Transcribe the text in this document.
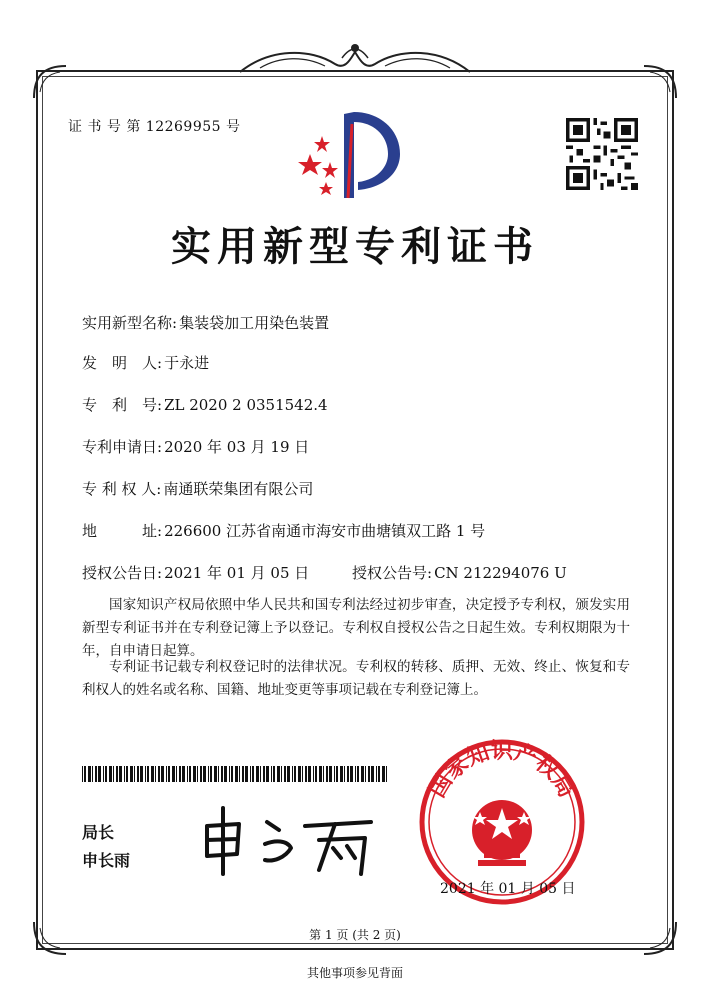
证 书 号 第 12269955 号
实用新型专利证书
实用新型名称: 集装袋加工用染色装置
发　明　人: 于永进
专　利　号: ZL 2020 2 0351542.4
专利申请日: 2020 年 03 月 19 日
专 利 权 人: 南通联荣集团有限公司
地　　　址: 226600 江苏省南通市海安市曲塘镇双工路 1 号
授权公告日: 2021 年 01 月 05 日	授权公告号: CN 212294076 U
国家知识产权局依照中华人民共和国专利法经过初步审查，决定授予专利权，颁发实用新型专利证书并在专利登记簿上予以登记。专利权自授权公告之日起生效。专利权期限为十年，自申请日起算。
专利证书记载专利权登记时的法律状况。专利权的转移、质押、无效、终止、恢复和专利权人的姓名或名称、国籍、地址变更等事项记载在专利登记簿上。
局长
申长雨
国家知识产权局
2021 年 01 月 05 日
第 1 页 (共 2 页)
其他事项参见背面
